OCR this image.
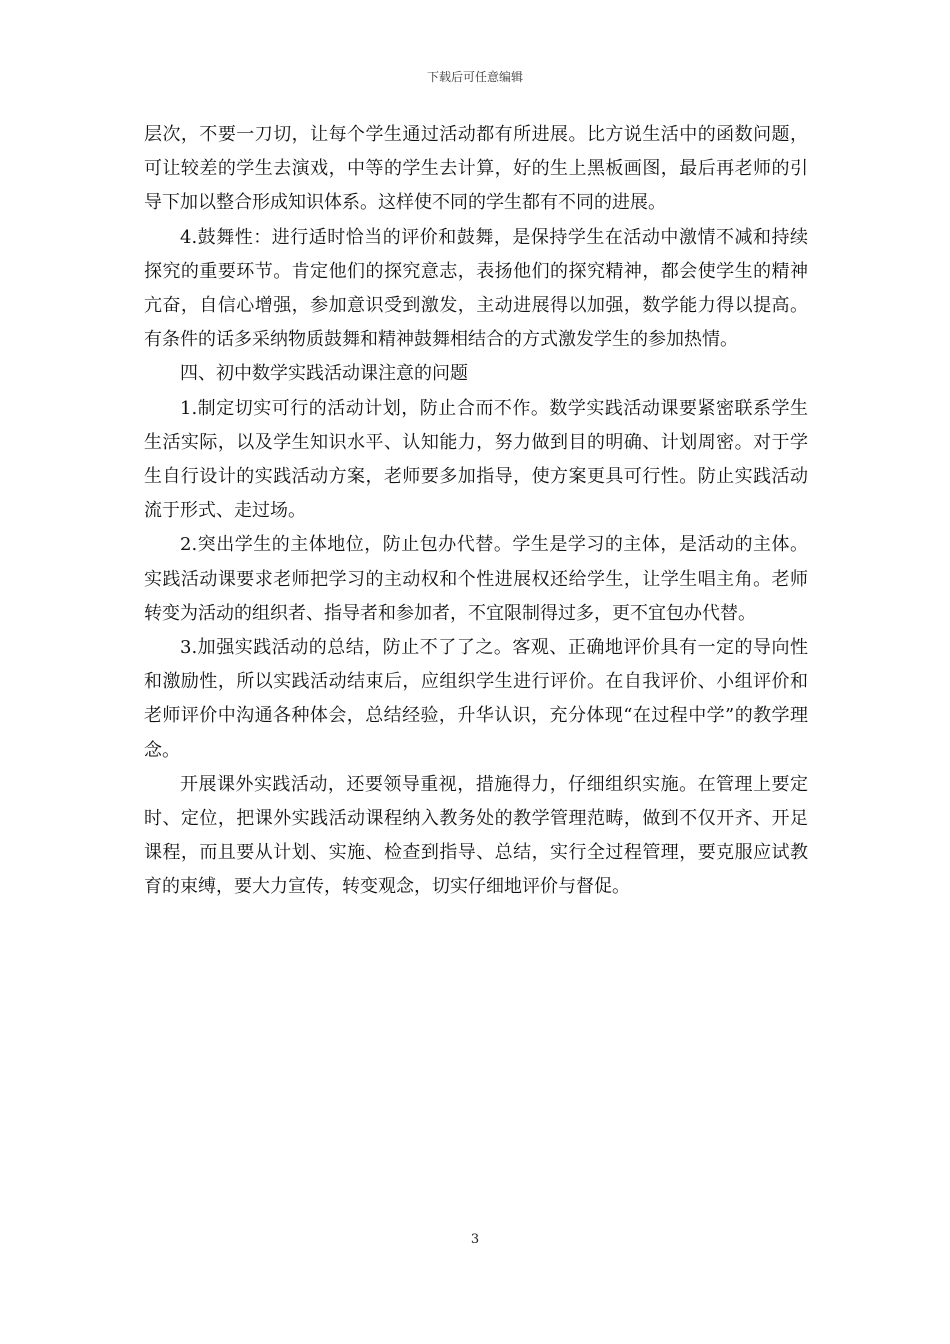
下载后可任意编辑

层次，不要一刀切，让每个学生通过活动都有所进展。比方说生活中的函数问题，可让较差的学生去演戏，中等的学生去计算，好的生上黑板画图，最后再老师的引导下加以整合形成知识体系。这样使不同的学生都有不同的进展。

4.鼓舞性：进行适时恰当的评价和鼓舞，是保持学生在活动中激情不减和持续探究的重要环节。肯定他们的探究意志，表扬他们的探究精神，都会使学生的精神亢奋，自信心增强，参加意识受到激发，主动进展得以加强，数学能力得以提高。有条件的话多采纳物质鼓舞和精神鼓舞相结合的方式激发学生的参加热情。

四、初中数学实践活动课注意的问题

1.制定切实可行的活动计划，防止合而不作。数学实践活动课要紧密联系学生生活实际，以及学生知识水平、认知能力，努力做到目的明确、计划周密。对于学生自行设计的实践活动方案，老师要多加指导，使方案更具可行性。防止实践活动流于形式、走过场。

2.突出学生的主体地位，防止包办代替。学生是学习的主体，是活动的主体。实践活动课要求老师把学习的主动权和个性进展权还给学生，让学生唱主角。老师转变为活动的组织者、指导者和参加者，不宜限制得过多，更不宜包办代替。

3.加强实践活动的总结，防止不了了之。客观、正确地评价具有一定的导向性和激励性，所以实践活动结束后，应组织学生进行评价。在自我评价、小组评价和老师评价中沟通各种体会，总结经验，升华认识，充分体现“在过程中学”的教学理念。

开展课外实践活动，还要领导重视，措施得力，仔细组织实施。在管理上要定时、定位，把课外实践活动课程纳入教务处的教学管理范畴，做到不仅开齐、开足课程，而且要从计划、实施、检查到指导、总结，实行全过程管理，要克服应试教育的束缚，要大力宣传，转变观念，切实仔细地评价与督促。

3
